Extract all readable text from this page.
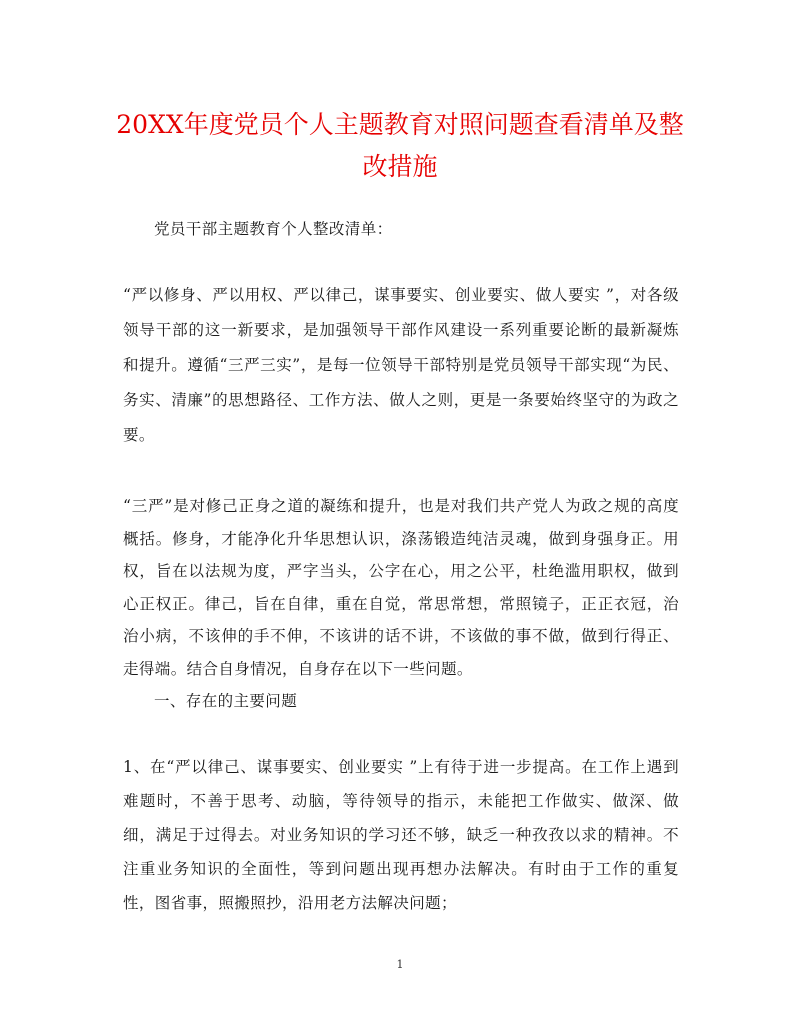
20XX年度党员个人主题教育对照问题查看清单及整改措施

党员干部主题教育个人整改清单：

“严以修身、严以用权、严以律己，谋事要实、创业要实、做人要实 ”，对各级领导干部的这一新要求，是加强领导干部作风建设一系列重要论断的最新凝炼和提升。遵循“三严三实”，是每一位领导干部特别是党员领导干部实现“为民、务实、清廉”的思想路径、工作方法、做人之则，更是一条要始终坚守的为政之要。

“三严”是对修己正身之道的凝练和提升，也是对我们共产党人为政之规的高度概括。修身，才能净化升华思想认识，涤荡锻造纯洁灵魂，做到身强身正。用权，旨在以法规为度，严字当头，公字在心，用之公平，杜绝滥用职权，做到心正权正。律己，旨在自律，重在自觉，常思常想，常照镜子，正正衣冠，治治小病，不该伸的手不伸，不该讲的话不讲，不该做的事不做，做到行得正、走得端。结合自身情况，自身存在以下一些问题。

一、存在的主要问题

1、在“严以律己、谋事要实、创业要实 ”上有待于进一步提高。在工作上遇到难题时，不善于思考、动脑，等待领导的指示，未能把工作做实、做深、做细，满足于过得去。对业务知识的学习还不够，缺乏一种孜孜以求的精神。不注重业务知识的全面性，等到问题出现再想办法解决。有时由于工作的重复性，图省事，照搬照抄，沿用老方法解决问题；

1
